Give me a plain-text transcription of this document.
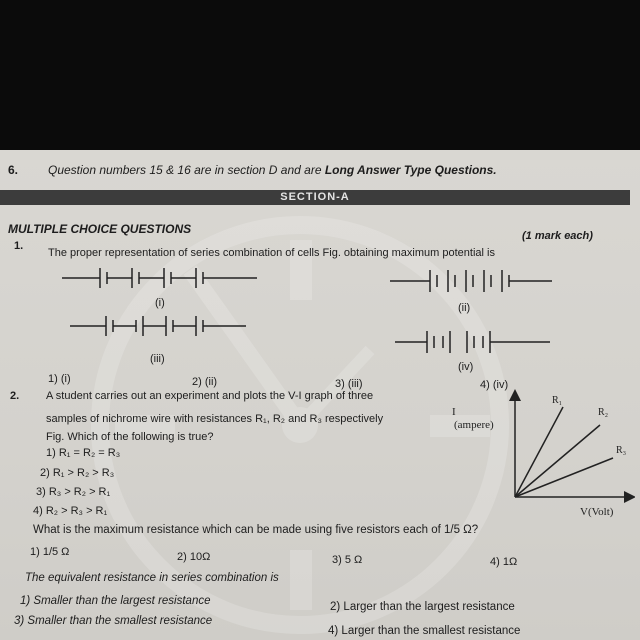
6. Question numbers 15 & 16 are in section D and are Long Answer Type Questions.
SECTION-A
MULTIPLE CHOICE QUESTIONS	(1 mark each)
1.
The proper representation of series combination of cells Fig. obtaining maximum potential is
(i)	(ii)
(iii)
(iv)
1) (i)	2) (ii)	3) (iii)	4) (iv)
2. A student carries out an experiment and plots the V-I graph of three
samples of nichrome wire with resistances R₁, R₂ and R₃ respectively
Fig. Which of the following is true?
1) R₁ = R₂ = R₃
2) R₁ > R₂ > R₃
3) R₃ > R₂ > R₁
4) R₂ > R₃ > R₁
I
(ampere)
V(Volt)
R₁
R₂
R₃
What is the maximum resistance which can be made using five resistors each of 1/5 Ω?
1) 1/5 Ω	2) 10Ω	3) 5 Ω	4) 1Ω
The equivalent resistance in series combination is
1) Smaller than the largest resistance	2) Larger than the largest resistance
3) Smaller than the smallest resistance
4) Larger than the smallest resistance
